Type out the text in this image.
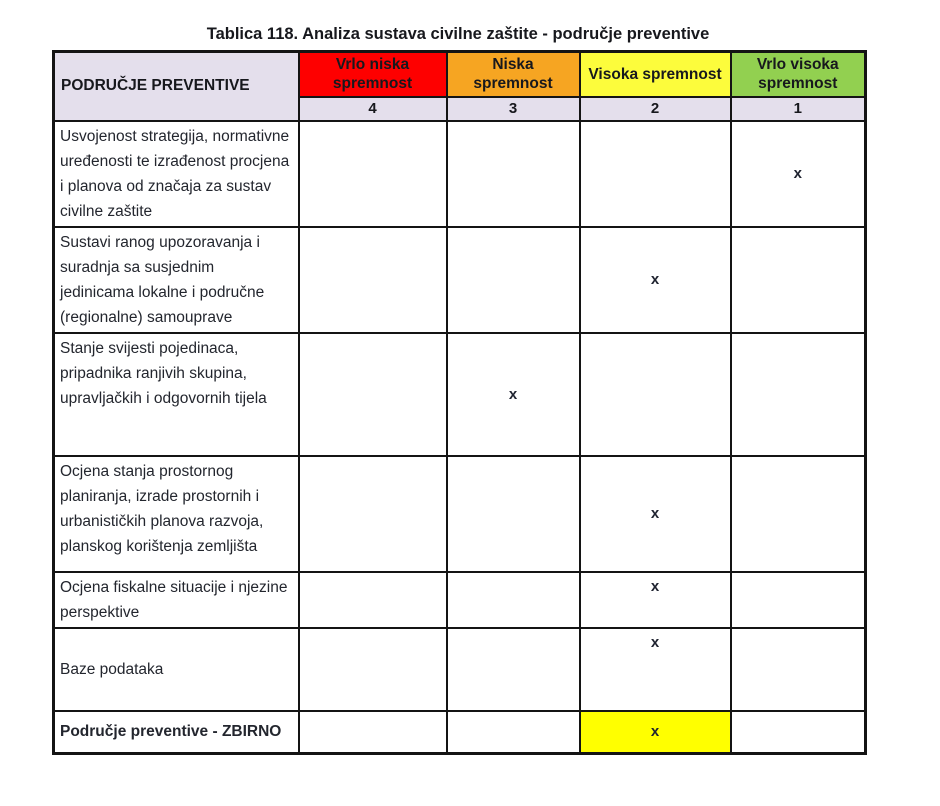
Tablica 118. Analiza sustava civilne zaštite - područje preventive
PODRUČJE PREVENTIVE	Vrlo niska spremnost	Niska spremnost	Visoka spremnost	Vrlo visoka spremnost
	4	3	2	1
Usvojenost strategija, normativne uređenosti te izrađenost procjena i planova od značaja za sustav civilne zaštite				x
Sustavi ranog upozoravanja i suradnja sa susjednim jedinicama lokalne i područne (regionalne) samouprave			x	
Stanje svijesti pojedinaca, pripadnika ranjivih skupina, upravljačkih i odgovornih tijela		x		
Ocjena stanja prostornog planiranja, izrade prostornih i urbanističkih planova razvoja, planskog korištenja zemljišta			x	
Ocjena fiskalne situacije i njezine perspektive			x	
Baze podataka			x	
Područje preventive - ZBIRNO			x	
